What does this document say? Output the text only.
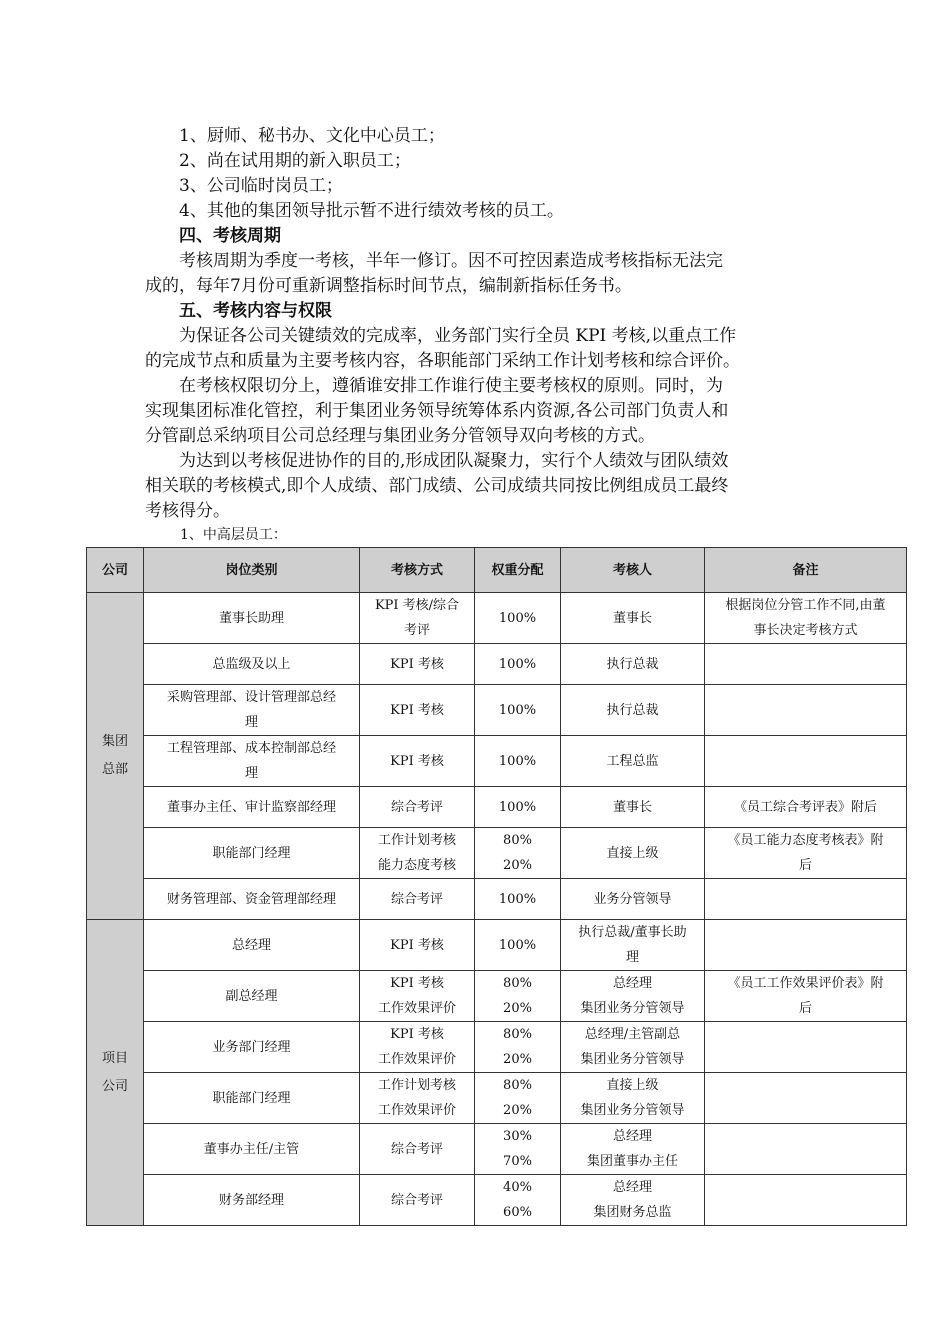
1、厨师、秘书办、文化中心员工；
2、尚在试用期的新入职员工；
3、公司临时岗员工；
4、其他的集团领导批示暂不进行绩效考核的员工。
四、考核周期
考核周期为季度一考核，半年一修订。因不可控因素造成考核指标无法完
成的，每年7月份可重新调整指标时间节点，编制新指标任务书。
五、考核内容与权限
为保证各公司关键绩效的完成率，业务部门实行全员 KPI 考核,以重点工作
的完成节点和质量为主要考核内容，各职能部门采纳工作计划考核和综合评价。
在考核权限切分上，遵循谁安排工作谁行使主要考核权的原则。同时，为
实现集团标准化管控，利于集团业务领导统筹体系内资源,各公司部门负责人和
分管副总采纳项目公司总经理与集团业务分管领导双向考核的方式。
为达到以考核促进协作的目的,形成团队凝聚力，实行个人绩效与团队绩效
相关联的考核模式,即个人成绩、部门成绩、公司成绩共同按比例组成员工最终
考核得分。
1、中高层员工：
公司	岗位类别	考核方式	权重分配	考核人	备注

集团
总部	董事长助理	KPI 考核/综合
考评	100%	董事长	根据岗位分管工作不同,由董
事长决定考核方式

	总监级及以上	KPI 考核	100%	执行总裁	

	采购管理部、设计管理部总经
理	KPI 考核	100%	执行总裁	

	工程管理部、成本控制部总经
理	KPI 考核	100%	工程总监	

	董事办主任、审计监察部经理	综合考评	100%	董事长	《员工综合考评表》附后

	职能部门经理	工作计划考核
能力态度考核	80%
20%	直接上级	《员工能力态度考核表》附
后

	财务管理部、资金管理部经理	综合考评	100%	业务分管领导	

项目
公司	总经理	KPI 考核	100%	执行总裁/董事长助
理	

	副总经理	KPI 考核
工作效果评价	80%
20%	总经理
集团业务分管领导	《员工工作效果评价表》附
后

	业务部门经理	KPI 考核
工作效果评价	80%
20%	总经理/主管副总
集团业务分管领导	

	职能部门经理	工作计划考核
工作效果评价	80%
20%	直接上级
集团业务分管领导	

	董事办主任/主管	综合考评	30%
70%	总经理
集团董事办主任	

	财务部经理	综合考评	40%
60%	总经理
集团财务总监	
